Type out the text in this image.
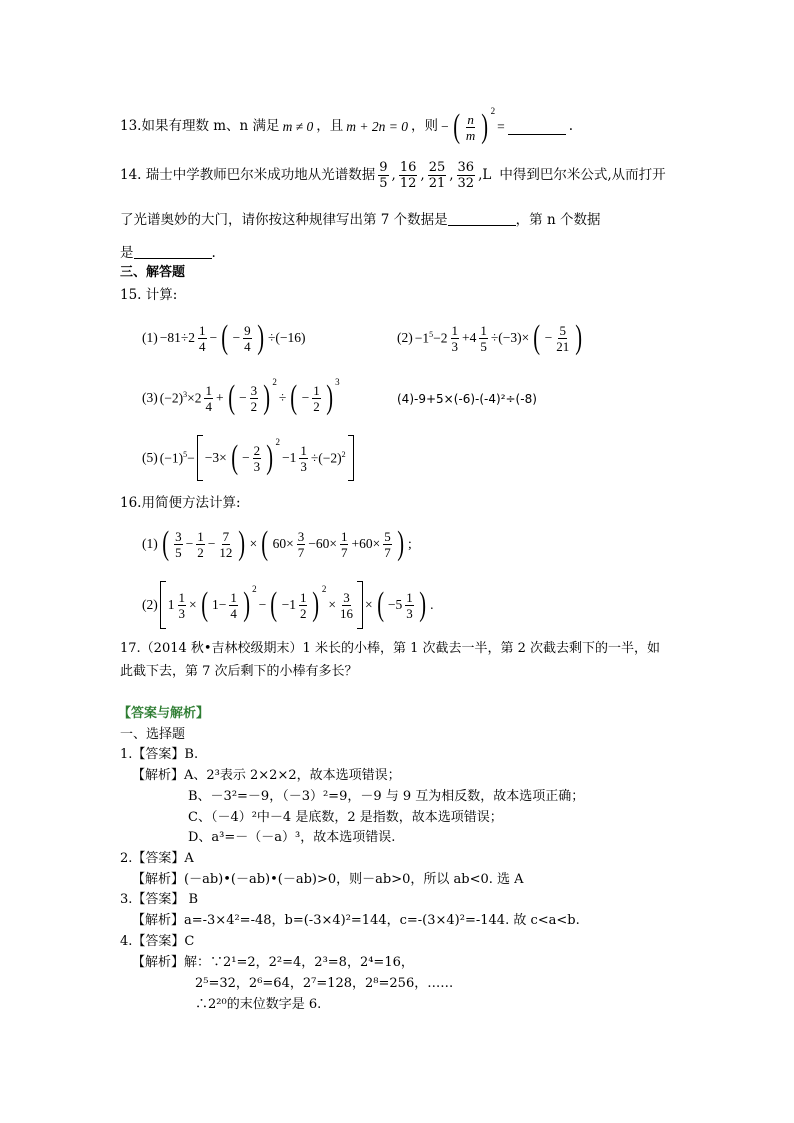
13.如果有理数 m、n 满足 m ≠ 0 ，且 m + 2n = 0 ，则 − ( $\frac{n}{m}$ ) 2
=	.
14. 瑞士中学教师巴尔米成功地从光谱数据 $\frac{9}{5}$ , $\frac{16}{12}$ , $\frac{25}{21}$ , $\frac{36}{32} ,L$ 中得到巴尔米公式,从而打开
了光谱奥妙的大门，请你按这种规律写出第 7 个数据是	，第 n 个数据
是	.
三、解答题
15. 计算:
$(1) -81\div 2 \frac{1}{4}$ − ( − $\frac{9}{4}$ ) ÷(−16)	$(2) -1^5-2 \frac{1}{3} +4 \frac{1}{5} \div(-3)\times$ ( − $\frac{5}{21}$ )
(3) $(-2)^3\times 2 \frac{1}{4}$ + ( − $\frac{3}{2}$ ) 2
÷ ( − $\frac{1}{2}$ ) 3
(4)-9+5×(-6)-(-4)²÷(-8)
(5) $(-1)^5- -3\times$ ( − $\frac{2}{3}$ ) 2
$-1 \frac{1}{3} \div(-2)^2$
16.用简便方法计算:
(1) ( $\frac{3}{5} - \frac{1}{2} - \frac{7}{12}$ ) × ( $60\times \frac{3}{7} -60\times \frac{1}{7} +60\times \frac{5}{7}$ ) ;
(2) $1 \frac{1}{3}$ × ( $1- \frac{1}{4}$ ) 2
− ( $-1 \frac{1}{2}$ ) 2
× $\frac{3}{16}$ × ( $-5 \frac{1}{3}$ ) .
17.（2014 秋•吉林校级期末）1 米长的小棒，第 1 次截去一半，第 2 次截去剩下的一半，如
此截下去，第 7 次后剩下的小棒有多长？
【答案与解析】
一、选择题
1.【答案】B.
【解析】A、2³表示 2×2×2，故本选项错误；
B、－3²=－9，（－3）²=9，－9 与 9 互为相反数，故本选项正确；
C、（－4）²中－4 是底数，2 是指数，故本选项错误；
D、a³=－（－a）³，故本选项错误.
2.【答案】A
【解析】(－ab)•(－ab)•(－ab)>0，则－ab>0，所以 ab<0. 选 A
3.【答案】 B
【解析】a=-3×4²=-48，b=(-3×4)²=144，c=-(3×4)²=-144. 故 c<a<b.
4.【答案】C
【解析】解：∵2¹=2，2²=4，2³=8，2⁴=16，
2⁵=32，2⁶=64，2⁷=128，2⁸=256，……
∴2²⁰的末位数字是 6.
